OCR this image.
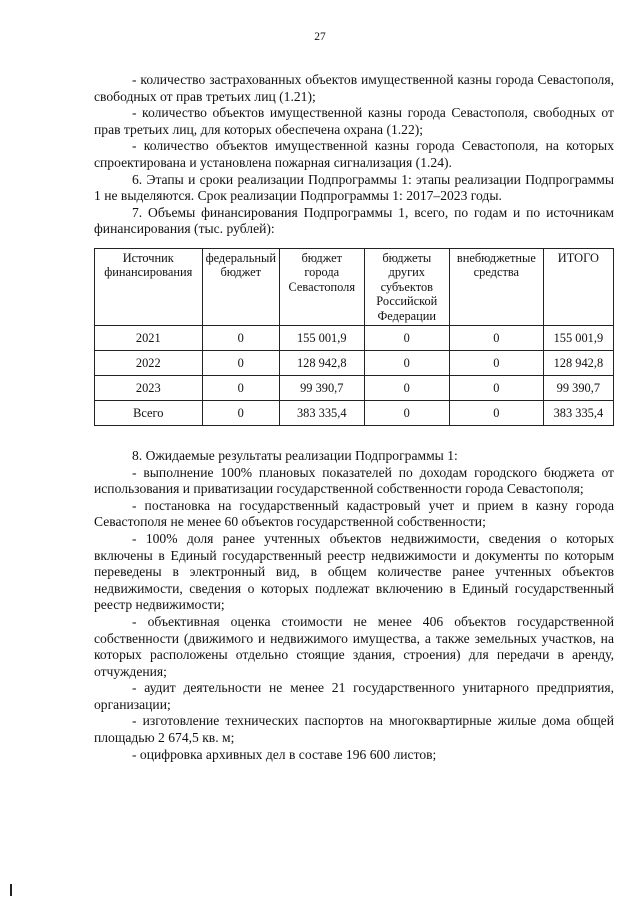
27

- количество застрахованных объектов имущественной казны города Севастополя, свободных от прав третьих лиц (1.21);

- количество объектов имущественной казны города Севастополя, свободных от прав третьих лиц, для которых обеспечена охрана (1.22);

- количество объектов имущественной казны города Севастополя, на которых спроектирована и установлена пожарная сигнализация (1.24).

6. Этапы и сроки реализации Подпрограммы 1: этапы реализации Подпрограммы 1 не выделяются. Срок реализации Подпрограммы 1: 2017–2023 годы.

7. Объемы финансирования Подпрограммы 1, всего, по годам и по источникам финансирования (тыс. рублей):

Источник финансирования	федеральный бюджет	бюджет города Севастополя	бюджеты других субъектов Российской Федерации	внебюджетные средства	ИТОГО
2021	0	155 001,9	0	0	155 001,9
2022	0	128 942,8	0	0	128 942,8
2023	0	99 390,7	0	0	99 390,7
Всего	0	383 335,4	0	0	383 335,4

8. Ожидаемые результаты реализации Подпрограммы 1:

- выполнение 100% плановых показателей по доходам городского бюджета от использования и приватизации государственной собственности города Севастополя;

- постановка на государственный кадастровый учет и прием в казну города Севастополя не менее 60 объектов государственной собственности;

- 100% доля ранее учтенных объектов недвижимости, сведения о которых включены в Единый государственный реестр недвижимости и документы по которым переведены в электронный вид, в общем количестве ранее учтенных объектов недвижимости, сведения о которых подлежат включению в Единый государственный реестр недвижимости;

- объективная оценка стоимости не менее 406 объектов государственной собственности (движимого и недвижимого имущества, а также земельных участков, на которых расположены отдельно стоящие здания, строения) для передачи в аренду, отчуждения;

- аудит деятельности не менее 21 государственного унитарного предприятия, организации;

- изготовление технических паспортов на многоквартирные жилые дома общей площадью 2 674,5 кв. м;

- оцифровка архивных дел в составе 196 600 листов;
